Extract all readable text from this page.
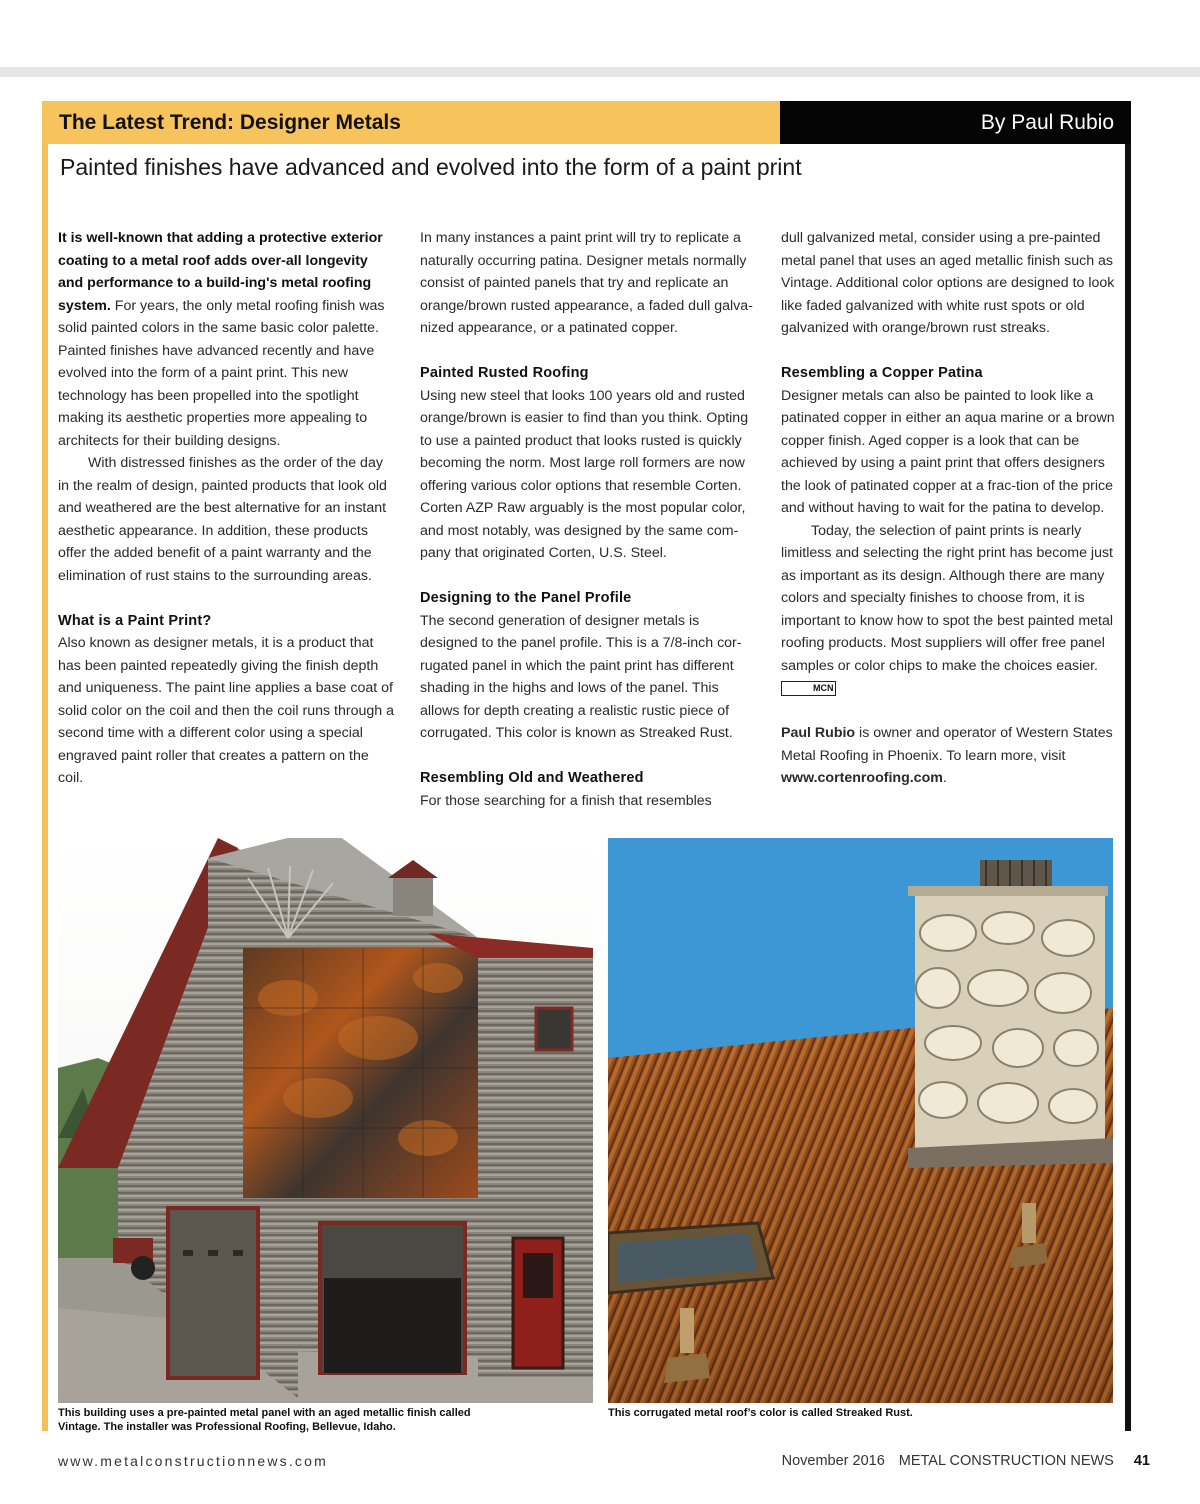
The Latest Trend: Designer Metals	By Paul Rubio
Painted finishes have advanced and evolved into the form of a paint print

It is well-known that adding a protective exterior coating to a metal roof adds over-all longevity and performance to a build-ing's metal roofing system. For years, the only metal roofing finish was solid painted colors in the same basic color palette. Painted finishes have advanced recently and have evolved into the form of a paint print. This new technology has been propelled into the spotlight making its aesthetic properties more appealing to architects for their building designs.

With distressed finishes as the order of the day in the realm of design, painted products that look old and weathered are the best alternative for an instant aesthetic appearance. In addition, these products offer the added benefit of a paint warranty and the elimination of rust stains to the surrounding areas.

What is a Paint Print?

Also known as designer metals, it is a product that has been painted repeatedly giving the finish depth and uniqueness. The paint line applies a base coat of solid color on the coil and then the coil runs through a second time with a different color using a special engraved paint roller that creates a pattern on the coil.

In many instances a paint print will try to replicate a naturally occurring patina. Designer metals normally consist of painted panels that try and replicate an orange/brown rusted appearance, a faded dull galva-nized appearance, or a patinated copper.

Painted Rusted Roofing

Using new steel that looks 100 years old and rusted orange/brown is easier to find than you think. Opting to use a painted product that looks rusted is quickly becoming the norm. Most large roll formers are now offering various color options that resemble Corten. Corten AZP Raw arguably is the most popular color, and most notably, was designed by the same com-pany that originated Corten, U.S. Steel.

Designing to the Panel Profile

The second generation of designer metals is designed to the panel profile. This is a 7/8-inch cor-rugated panel in which the paint print has different shading in the highs and lows of the panel. This allows for depth creating a realistic rustic piece of corrugated. This color is known as Streaked Rust.

Resembling Old and Weathered

For those searching for a finish that resembles

dull galvanized metal, consider using a pre-painted metal panel that uses an aged metallic finish such as Vintage. Additional color options are designed to look like faded galvanized with white rust spots or old galvanized with orange/brown rust streaks.

Resembling a Copper Patina

Designer metals can also be painted to look like a patinated copper in either an aqua marine or a brown copper finish. Aged copper is a look that can be achieved by using a paint print that offers designers the look of patinated copper at a frac-tion of the price and without having to wait for the patina to develop.

Today, the selection of paint prints is nearly limitless and selecting the right print has become just as important as its design. Although there are many colors and specialty finishes to choose from, it is important to know how to spot the best painted metal roofing products. Most suppliers will offer free panel samples or color chips to make the choices easier. MCN

Paul Rubio is owner and operator of Western States Metal Roofing in Phoenix. To learn more, visit www.cortenroofing.com.

This building uses a pre-painted metal panel with an aged metallic finish called Vintage. The installer was Professional Roofing, Bellevue, Idaho.
This corrugated metal roof’s color is called Streaked Rust.
www.metalconstructionnews.com	November 2016 METAL CONSTRUCTION NEWS 41
